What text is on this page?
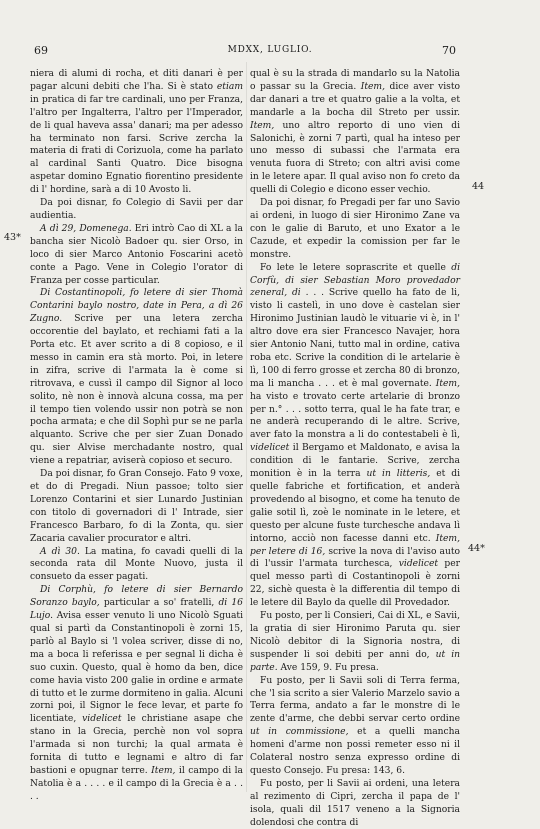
69	MDXX, LUGLIO.	70
43*
44
44*

niera di alumi di rocha, et diti danari è per pagar alcuni debiti che l'ha. Si è stato etiam in pratica di far tre cardinali, uno per Franza, l'altro per Ingalterra, l'altro per l'Imperador, de li qual haveva assa' danari; ma per adesso ha terminato non farsi. Scrive zercha la materia di frati di Corizuola, come ha parlato al cardinal Santi Quatro. Dice bisogna aspetar domino Egnatio fiorentino presidente di l' hordine, sarà a di 10 Avosto li.

Da poi disnar, fo Colegio di Savii per dar audientia.

A dì 29, Domenega. Eri intrò Cao di XL a la bancha sier Nicolò Badoer qu. sier Orso, in loco di sier Marco Antonio Foscarini acetò conte a Pago. Vene in Colegio l'orator di Franza per cosse particular.

Di Costantinopoli, fo letere di sier Thomà Contarini baylo nostro, date in Pera, a dì 26 Zugno. Scrive per una letera zercha occorentie del baylato, et rechiami fati a la Porta etc. Et aver scrito a di 8 copioso, e il messo in camin era stà morto. Poi, in letere in zifra, scrive di l'armata la è come si ritrovava, e cussì il campo dil Signor al loco solito, nè non è innovà alcuna cossa, ma per il tempo tien volendo ussir non potrà se non pocha armata; e che dil Sophì pur se ne parla alquanto. Scrive che per sier Zuan Donado qu. sier Alvise merchadante nostro, qual viene a repatriar, aviserà copioso et securo.

Da poi disnar, fo Gran Consejo. Fato 9 voxe, et do di Pregadi. Niun passoe; tolto sier Lorenzo Contarini et sier Lunardo Justinian con titolo di governadori di l' Intrade, sier Francesco Barbaro, fo di la Zonta, qu. sier Zacaria cavalier procurator e altri.

A dì 30. La matina, fo cavadi quelli di la seconda rata dil Monte Nuovo, justa il consueto da esser pagati.

Di Corphù, fo letere di sier Bernardo Soranzo baylo, particular a so' fratelli, di 16 Lujo. Avisa esser venuto li uno Nicolò Sguati qual si partì da Constantinopoli è zorni 15, parlò al Baylo si 'l volea scriver, disse di no, ma a boca li referissa e per segnal li dicha è suo cuxin. Questo, qual è homo da ben, dice come havia visto 200 galie in ordine e armate di tutto et le zurme dormiteno in galia. Alcuni zorni poi, il Signor le fece levar, et parte fo licentiate, videlicet le christiane asape che stano in la Grecia, perchè non vol sopra l'armada si non turchi; la qual armata è fornita di tutto e legnami e altro di far bastioni e opugnar terre. Item, il campo di la Natolia è a . . . . e il campo di la Grecia è a . . . .

qual è su la strada di mandarlo su la Natolia o passar su la Grecia. Item, dice aver visto dar danari a tre et quatro galie a la volta, et mandarle a la bocha dil Streto per ussir. Item, uno altro reporto di uno vien di Salonichi, è zorni 7 partì, qual ha inteso per uno messo di subassi che l'armata era venuta fuora di Streto; con altri avisi come in le letere apar. Il qual aviso non fo creto da quelli di Colegio e dicono esser vechio.

Da poi disnar, fo Pregadi per far uno Savio ai ordeni, in luogo di sier Hironimo Zane va con le galie di Baruto, et uno Exator a le Cazude, et expedir la comission per far le monstre.

Fo lete le letere soprascrite et quelle di Corfù, di sier Sebastian Moro provedador zeneral, di . . . Scrive quello ha fato de li, visto li castelì, in uno dove è castelan sier Hironimo Justinian laudò le vituarie vi è, in l' altro dove era sier Francesco Navajer, hora sier Antonio Nani, tutto mal in ordine, cativa roba etc. Scrive la condition di le artelarie è lì, 100 di ferro grosse et zercha 80 di bronzo, ma li mancha . . . et è mal governate. Item, ha visto e trovato certe artelarie di bronzo per n.° . . . sotto terra, qual le ha fate trar, e ne anderà recuperando di le altre. Scrive, aver fato la monstra a li do contestabeli è lì, videlicet il Bergamo et Maldonato, e avisa la condition di le fantarie. Scrive, zercha monition è in la terra ut in litteris, et di quelle fabriche et fortification, et anderà provedendo al bisogno, et come ha tenuto de galie sotil lì, zoè le nominate in le letere, et questo per alcune fuste turchesche andava lì intorno, acciò non facesse danni etc. Item, per letere di 16, scrive la nova di l'aviso auto di l'ussir l'armata turchesca, videlicet per quel messo partì di Costantinopoli è zorni 22, sichè questa è la differentia dil tempo di le letere dil Baylo da quelle dil Provedador.

Fu posto, per li Consieri, Cai di XL, e Savii, la gratia di sier Hironimo Paruta qu. sier Nicolò debitor di la Signoria nostra, di suspender li soi debiti per anni do, ut in parte. Ave 159, 9. Fu presa.

Fu posto, per li Savii soli di Terra ferma, che 'l sia scrito a sier Valerio Marzelo savio a Terra ferma, andato a far le monstre di le zente d'arme, che debbi servar certo ordine ut in commissione, et a quelli mancha homeni d'arme non possi remeter esso ni il Colateral nostro senza expresso ordine di questo Consejo. Fu presa: 143, 6.

Fu posto, per li Savii ai ordeni, una letera al rezimento di Cipri, zercha il papa de l' isola, quali dil 1517 veneno a la Signoria dolendosi che contra di
